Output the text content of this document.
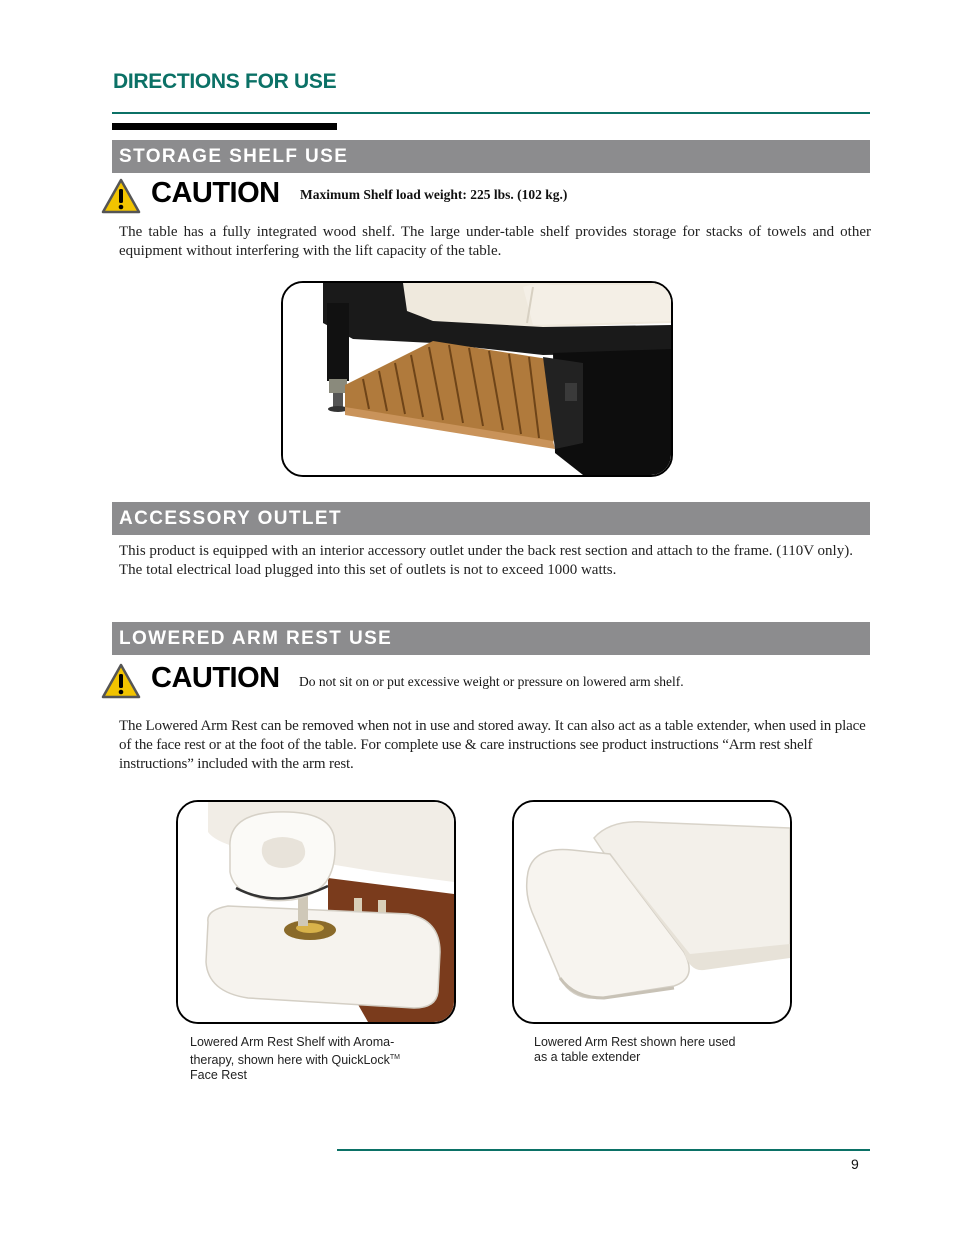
DIRECTIONS FOR USE
STORAGE SHELF USE
CAUTION Maximum Shelf load weight: 225 lbs. (102 kg.)
The table has a fully integrated wood shelf. The large under-table shelf provides storage for stacks of towels and other equipment without interfering with the lift capacity of the table.
ACCESSORY OUTLET
This product is equipped with an interior accessory outlet under the back rest section and attach to the frame. (110V only). The total electrical load plugged into this set of outlets is not to exceed 1000 watts.
LOWERED ARM REST USE
CAUTION Do not sit on or put excessive weight or pressure on lowered arm shelf.
The Lowered Arm Rest can be removed when not in use and stored away. It can also act as a table extender, when used in place of the face rest or at the foot of the table. For complete use & care instructions see product instructions “Arm rest shelf instructions” included with the arm rest.
Lowered Arm Rest Shelf with Aroma-
therapy, shown here with QuickLock™
Face Rest
Lowered Arm Rest shown here used
as a table extender
9
